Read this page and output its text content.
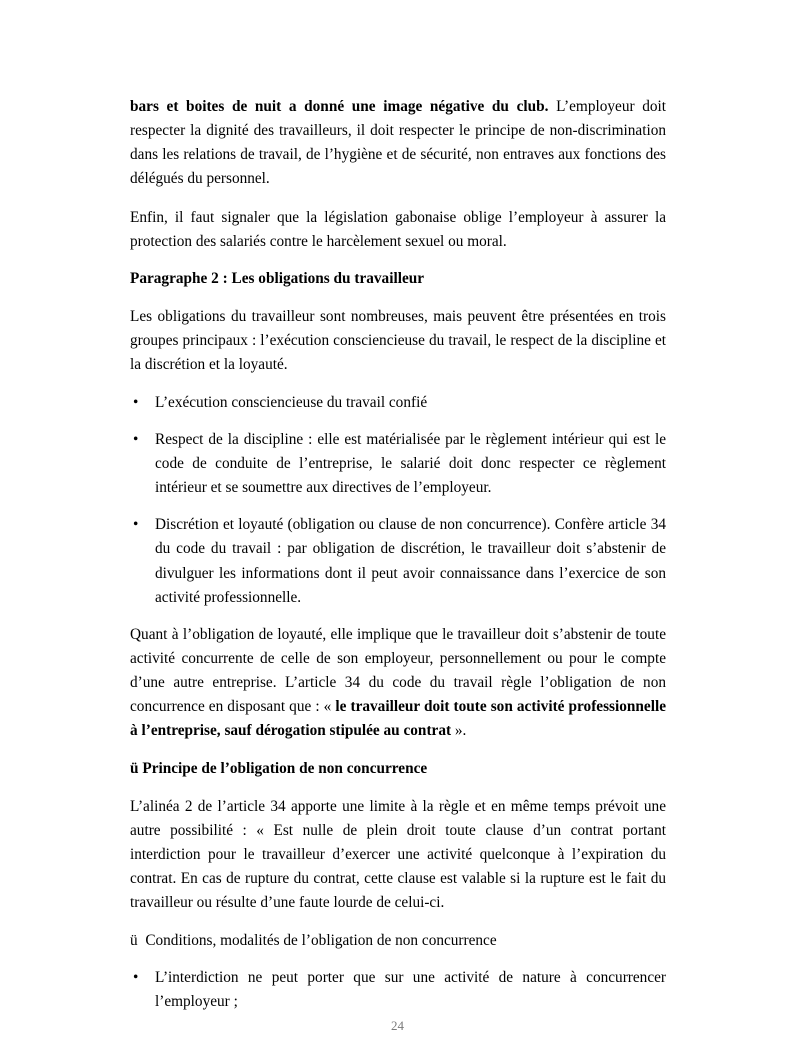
bars et boites de nuit a donné une image négative du club. L’employeur doit respecter la dignité des travailleurs, il doit respecter le principe de non-discrimination dans les relations de travail, de l’hygiène et de sécurité, non entraves aux fonctions des délégués du personnel.

Enfin, il faut signaler que la législation gabonaise oblige l’employeur à assurer la protection des salariés contre le harcèlement sexuel ou moral.

Paragraphe 2 : Les obligations du travailleur

Les obligations du travailleur sont nombreuses, mais peuvent être présentées en trois groupes principaux : l’exécution consciencieuse du travail, le respect de la discipline et la discrétion et la loyauté.

• L’exécution consciencieuse du travail confié
• Respect de la discipline : elle est matérialisée par le règlement intérieur qui est le code de conduite de l’entreprise, le salarié doit donc respecter ce règlement intérieur et se soumettre aux directives de l’employeur.
• Discrétion et loyauté (obligation ou clause de non concurrence). Confère article 34 du code du travail : par obligation de discrétion, le travailleur doit s’abstenir de divulguer les informations dont il peut avoir connaissance dans l’exercice de son activité professionnelle.

Quant à l’obligation de loyauté, elle implique que le travailleur doit s’abstenir de toute activité concurrente de celle de son employeur, personnellement ou pour le compte d’une autre entreprise. L’article 34 du code du travail règle l’obligation de non concurrence en disposant que : « le travailleur doit toute son activité professionnelle à l’entreprise, sauf dérogation stipulée au contrat ».

ü Principe de l’obligation de non concurrence

L’alinéa 2 de l’article 34 apporte une limite à la règle et en même temps prévoit une autre possibilité : « Est nulle de plein droit toute clause d’un contrat portant interdiction pour le travailleur d’exercer une activité quelconque à l’expiration du contrat. En cas de rupture du contrat, cette clause est valable si la rupture est le fait du travailleur ou résulte d’une faute lourde de celui-ci.

ü Conditions, modalités de l’obligation de non concurrence
• L’interdiction ne peut porter que sur une activité de nature à concurrencer l’employeur ;
24
